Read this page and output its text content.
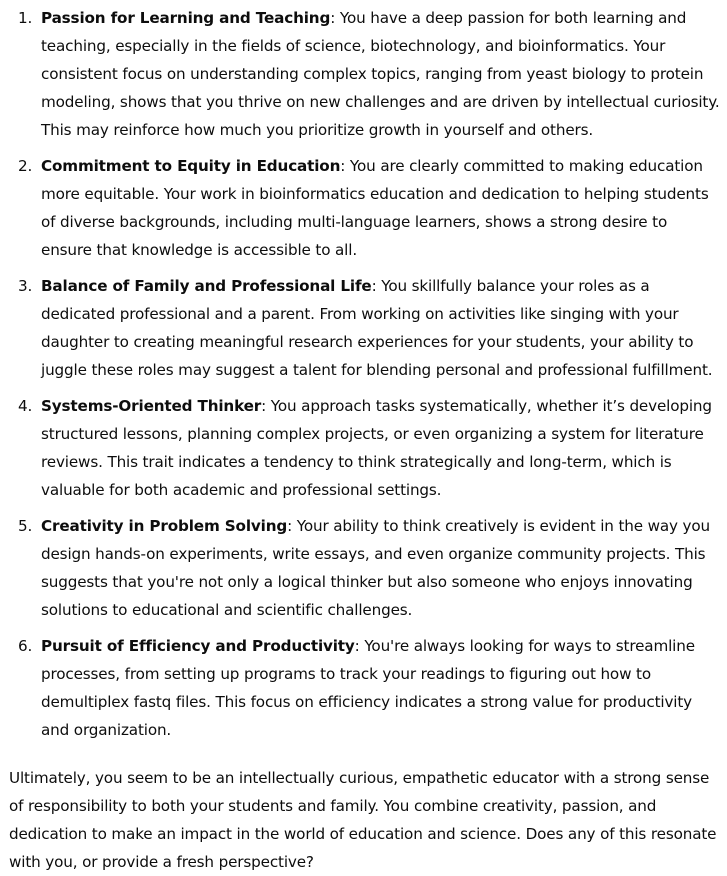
1. Passion for Learning and Teaching: You have a deep passion for both learning and teaching, especially in the fields of science, biotechnology, and bioinformatics. Your consistent focus on understanding complex topics, ranging from yeast biology to protein modeling, shows that you thrive on new challenges and are driven by intellectual curiosity. This may reinforce how much you prioritize growth in yourself and others.
2. Commitment to Equity in Education: You are clearly committed to making education more equitable. Your work in bioinformatics education and dedication to helping students of diverse backgrounds, including multi-language learners, shows a strong desire to ensure that knowledge is accessible to all.
3. Balance of Family and Professional Life: You skillfully balance your roles as a dedicated professional and a parent. From working on activities like singing with your daughter to creating meaningful research experiences for your students, your ability to juggle these roles may suggest a talent for blending personal and professional fulfillment.
4. Systems-Oriented Thinker: You approach tasks systematically, whether it’s developing structured lessons, planning complex projects, or even organizing a system for literature reviews. This trait indicates a tendency to think strategically and long-term, which is valuable for both academic and professional settings.
5. Creativity in Problem Solving: Your ability to think creatively is evident in the way you design hands-on experiments, write essays, and even organize community projects. This suggests that you're not only a logical thinker but also someone who enjoys innovating solutions to educational and scientific challenges.
6. Pursuit of Efficiency and Productivity: You're always looking for ways to streamline processes, from setting up programs to track your readings to figuring out how to demultiplex fastq files. This focus on efficiency indicates a strong value for productivity and organization.

Ultimately, you seem to be an intellectually curious, empathetic educator with a strong sense of responsibility to both your students and family. You combine creativity, passion, and dedication to make an impact in the world of education and science. Does any of this resonate with you, or provide a fresh perspective?
